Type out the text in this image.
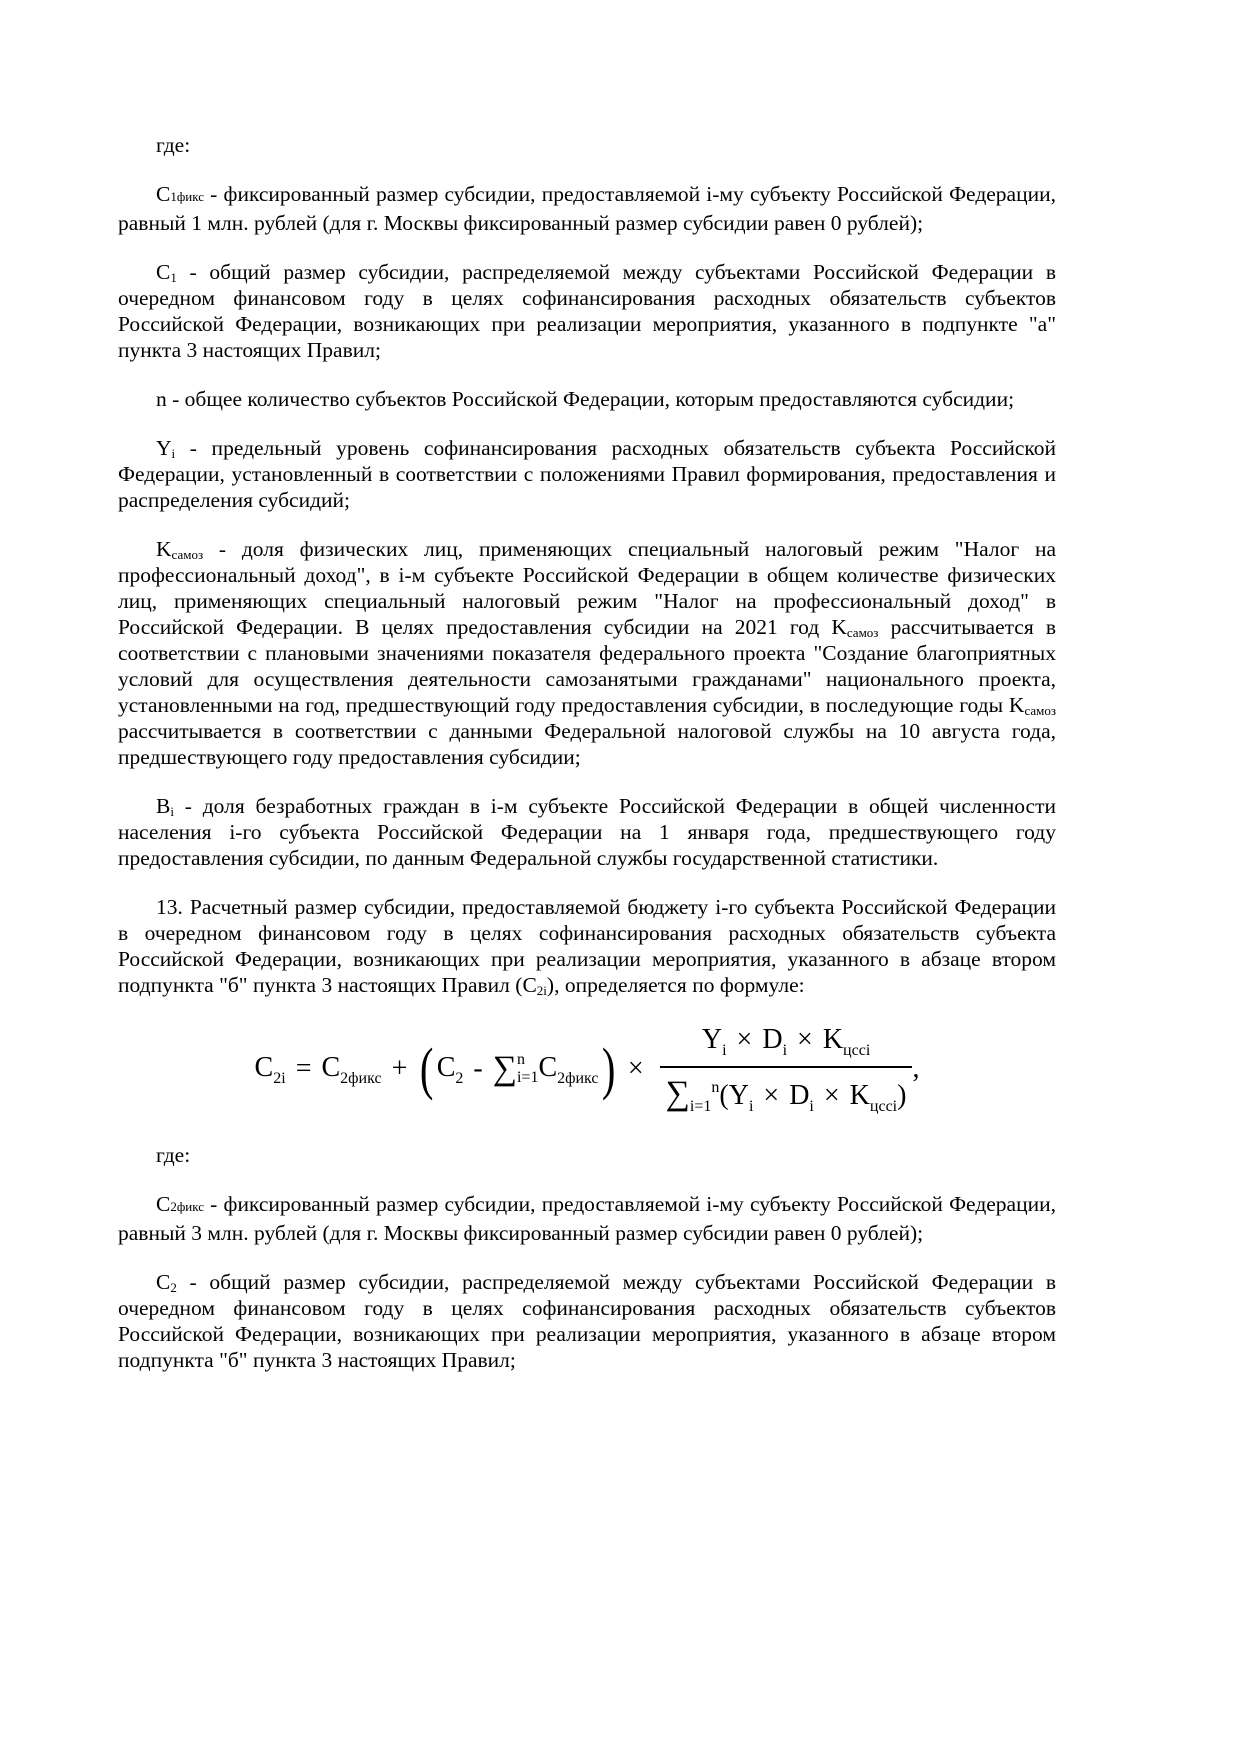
где:

C1фикс - фиксированный размер субсидии, предоставляемой i-му субъекту Российской Федерации, равный 1 млн. рублей (для г. Москвы фиксированный размер субсидии равен 0 рублей);

$C_1$ - общий размер субсидии, распределяемой между субъектами Российской Федерации в очередном финансовом году в целях софинансирования расходных обязательств субъектов Российской Федерации, возникающих при реализации мероприятия, указанного в подпункте "а" пункта 3 настоящих Правил;

n - общее количество субъектов Российской Федерации, которым предоставляются субсидии;

$Y_i$ - предельный уровень софинансирования расходных обязательств субъекта Российской Федерации, установленный в соответствии с положениями Правил формирования, предоставления и распределения субсидий;

$K_{самоз}$ - доля физических лиц, применяющих специальный налоговый режим "Налог на профессиональный доход", в i-м субъекте Российской Федерации в общем количестве физических лиц, применяющих специальный налоговый режим "Налог на профессиональный доход" в Российской Федерации. В целях предоставления субсидии на 2021 год $K_{самоз}$ рассчитывается в соответствии с плановыми значениями показателя федерального проекта "Создание благоприятных условий для осуществления деятельности самозанятыми гражданами" национального проекта, установленными на год, предшествующий году предоставления субсидии, в последующие годы $K_{самоз}$ рассчитывается в соответствии с данными Федеральной налоговой службы на 10 августа года, предшествующего году предоставления субсидии;

$B_i$ - доля безработных граждан в i-м субъекте Российской Федерации в общей численности населения i-го субъекта Российской Федерации на 1 января года, предшествующего году предоставления субсидии, по данным Федеральной службы государственной статистики.

13. Расчетный размер субсидии, предоставляемой бюджету i-го субъекта Российской Федерации в очередном финансовом году в целях софинансирования расходных обязательств субъекта Российской Федерации, возникающих при реализации мероприятия, указанного в абзаце втором подпункта "б" пункта 3 настоящих Правил $(C_{2i})$, определяется по формуле:

C2i = C2фикс + ( C2 - ∑ n
i=1 C2фикс ) × $\frac{\text{Yi × Di × Kцссi}}{\text{∑i=1n(Yi × Di × Kцссi)}}$ ,

где:

C2фикс - фиксированный размер субсидии, предоставляемой i-му субъекту Российской Федерации, равный 3 млн. рублей (для г. Москвы фиксированный размер субсидии равен 0 рублей);

$C_2$ - общий размер субсидии, распределяемой между субъектами Российской Федерации в очередном финансовом году в целях софинансирования расходных обязательств субъектов Российской Федерации, возникающих при реализации мероприятия, указанного в абзаце втором подпункта "б" пункта 3 настоящих Правил;
